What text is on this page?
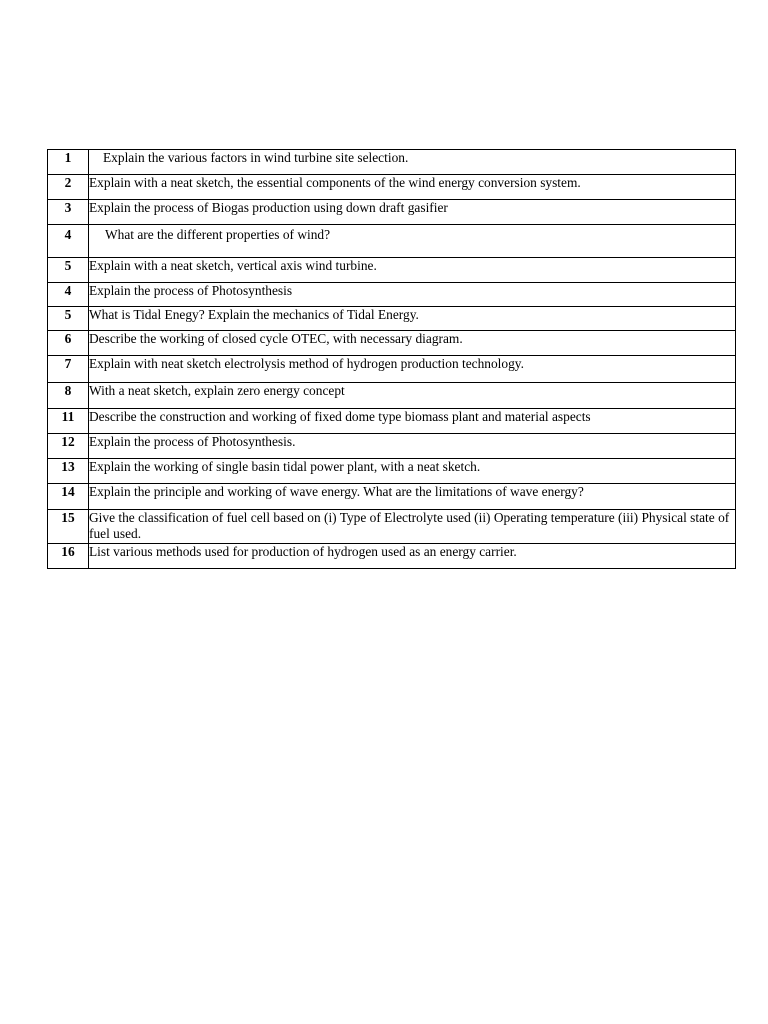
1	Explain the various factors in wind turbine site selection.
2	Explain with a neat sketch, the essential components of the wind energy conversion system.
3	Explain the process of Biogas production using down draft gasifier
4	What are the different properties of wind?
5	Explain with a neat sketch, vertical axis wind turbine.
4	Explain the process of Photosynthesis
5	What is Tidal Enegy? Explain the mechanics of Tidal Energy.
6	Describe the working of closed cycle OTEC, with necessary diagram.
7	Explain with neat sketch electrolysis method of hydrogen production technology.
8	With a neat sketch, explain zero energy concept
11	Describe the construction and working of fixed dome type biomass plant and material aspects
12	Explain the process of Photosynthesis.
13	Explain the working of single basin tidal power plant, with a neat sketch.
14	Explain the principle and working of wave energy. What are the limitations of wave energy?
15	Give the classification of fuel cell based on (i) Type of Electrolyte used (ii) Operating temperature (iii) Physical state of fuel used.
16	List various methods used for production of hydrogen used as an energy carrier.
